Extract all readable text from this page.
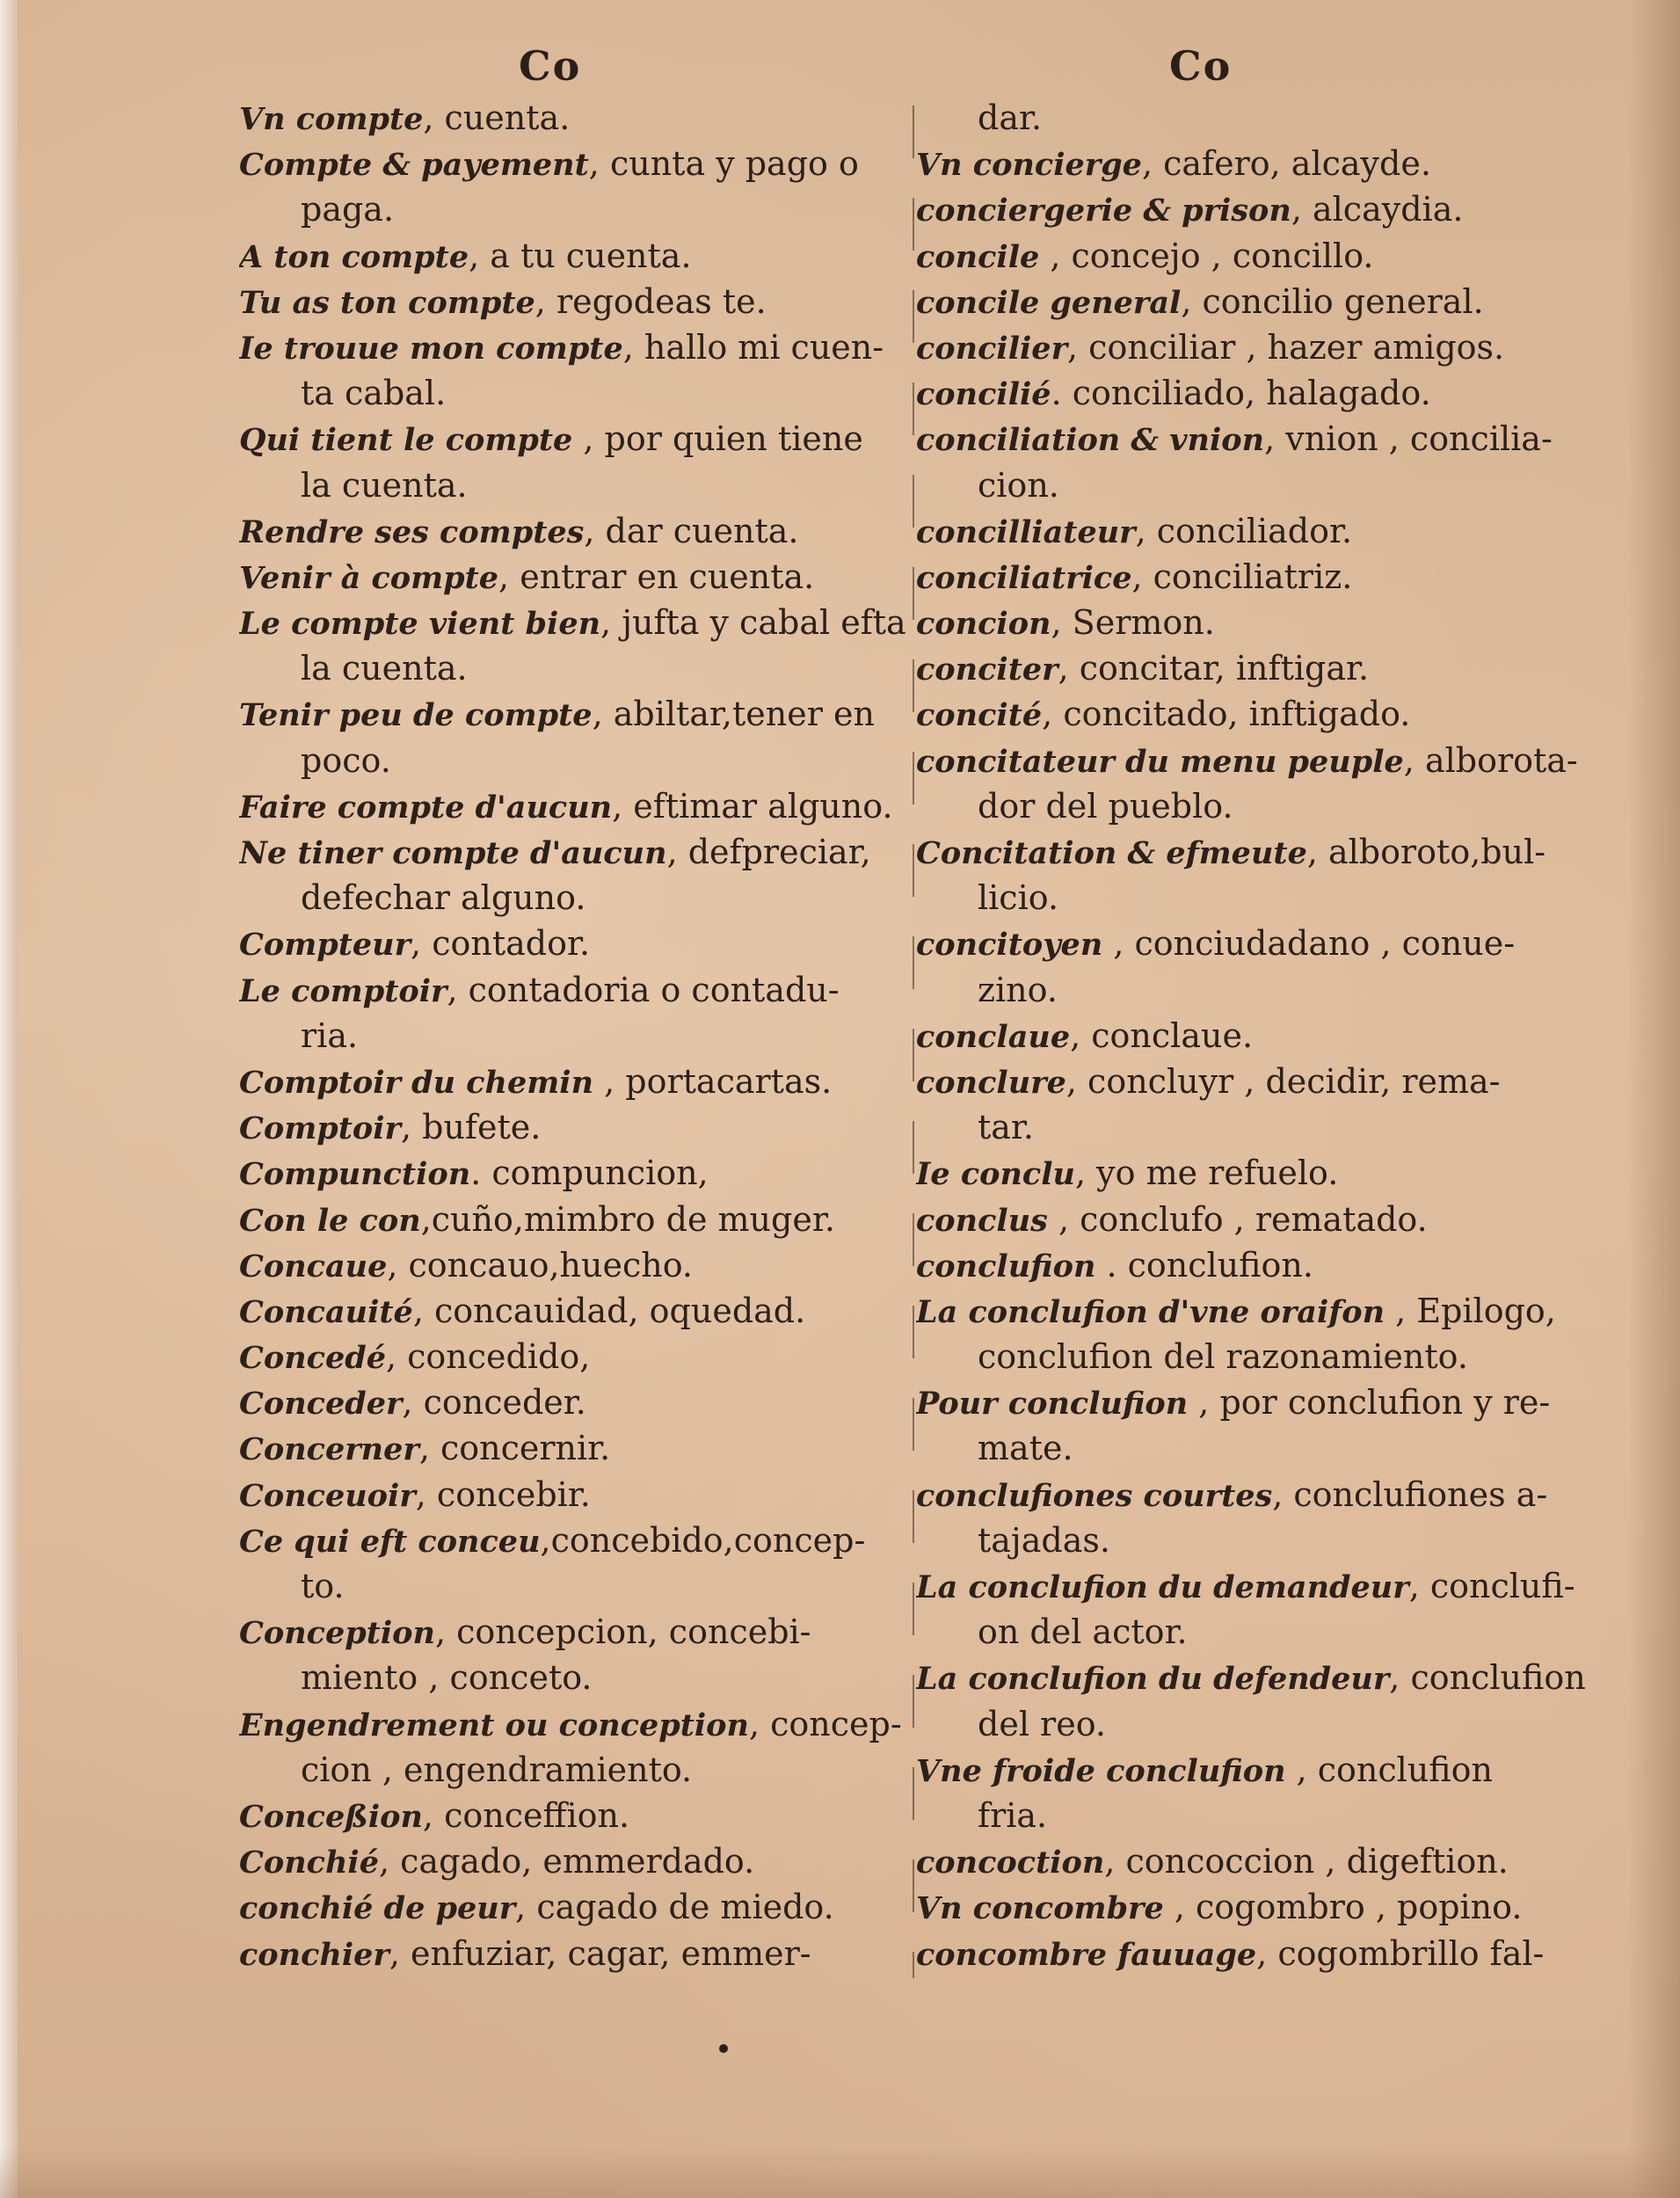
Co	Co
Vn compte, cuenta.
Compte & payement, cunta y pago o
paga.
A ton compte, a tu cuenta.
Tu as ton compte, regodeas te.
Ie trouue mon compte, hallo mi cuen-
ta cabal.
Qui tient le compte , por quien tiene
la cuenta.
Rendre ses comptes, dar cuenta.
Venir à compte, entrar en cuenta.
Le compte vient bien, jufta y cabal efta
la cuenta.
Tenir peu de compte, abiltar,tener en
poco.
Faire compte d'aucun, eftimar alguno.
Ne tiner compte d'aucun, defpreciar,
defechar alguno.
Compteur, contador.
Le comptoir, contadoria o contadu-
ria.
Comptoir du chemin , portacartas.
Comptoir, bufete.
Compunction. compuncion,
Con le con,cuño,mimbro de muger.
Concaue, concauo,huecho.
Concauité, concauidad, oquedad.
Concedé, concedido,
Conceder, conceder.
Concerner, concernir.
Conceuoir, concebir.
Ce qui eft conceu,concebido,concep-
to.
Conception, concepcion, concebi-
miento , conceto.
Engendrement ou conception, concep-
cion , engendramiento.
Conceßion, conceffion.
Conchié, cagado, emmerdado.
conchié de peur, cagado de miedo.
conchier, enfuziar, cagar, emmer-
dar.
Vn concierge, cafero, alcayde.
conciergerie & prison, alcaydia.
concile , concejo , concillo.
concile general, concilio general.
concilier, conciliar , hazer amigos.
concilié. conciliado, halagado.
conciliation & vnion, vnion , concilia-
cion.
concilliateur, conciliador.
conciliatrice, conciliatriz.
concion, Sermon.
conciter, concitar, inftigar.
concité, concitado, inftigado.
concitateur du menu peuple, alborota-
dor del pueblo.
Concitation & efmeute, alboroto,bul-
licio.
concitoyen , conciudadano , conue-
zino.
conclaue, conclaue.
conclure, concluyr , decidir, rema-
tar.
Ie conclu, yo me refuelo.
conclus , conclufo , rematado.
conclufion . conclufion.
La conclufion d'vne oraifon , Epilogo,
conclufion del razonamiento.
Pour conclufion , por conclufion y re-
mate.
conclufiones courtes, conclufiones a-
tajadas.
La conclufion du demandeur, conclufi-
on del actor.
La conclufion du defendeur, conclufion
del reo.
Vne froide conclufion , conclufion
fria.
concoction, concoccion , digeftion.
Vn concombre , cogombro , popino.
concombre fauuage, cogombrillo fal-
